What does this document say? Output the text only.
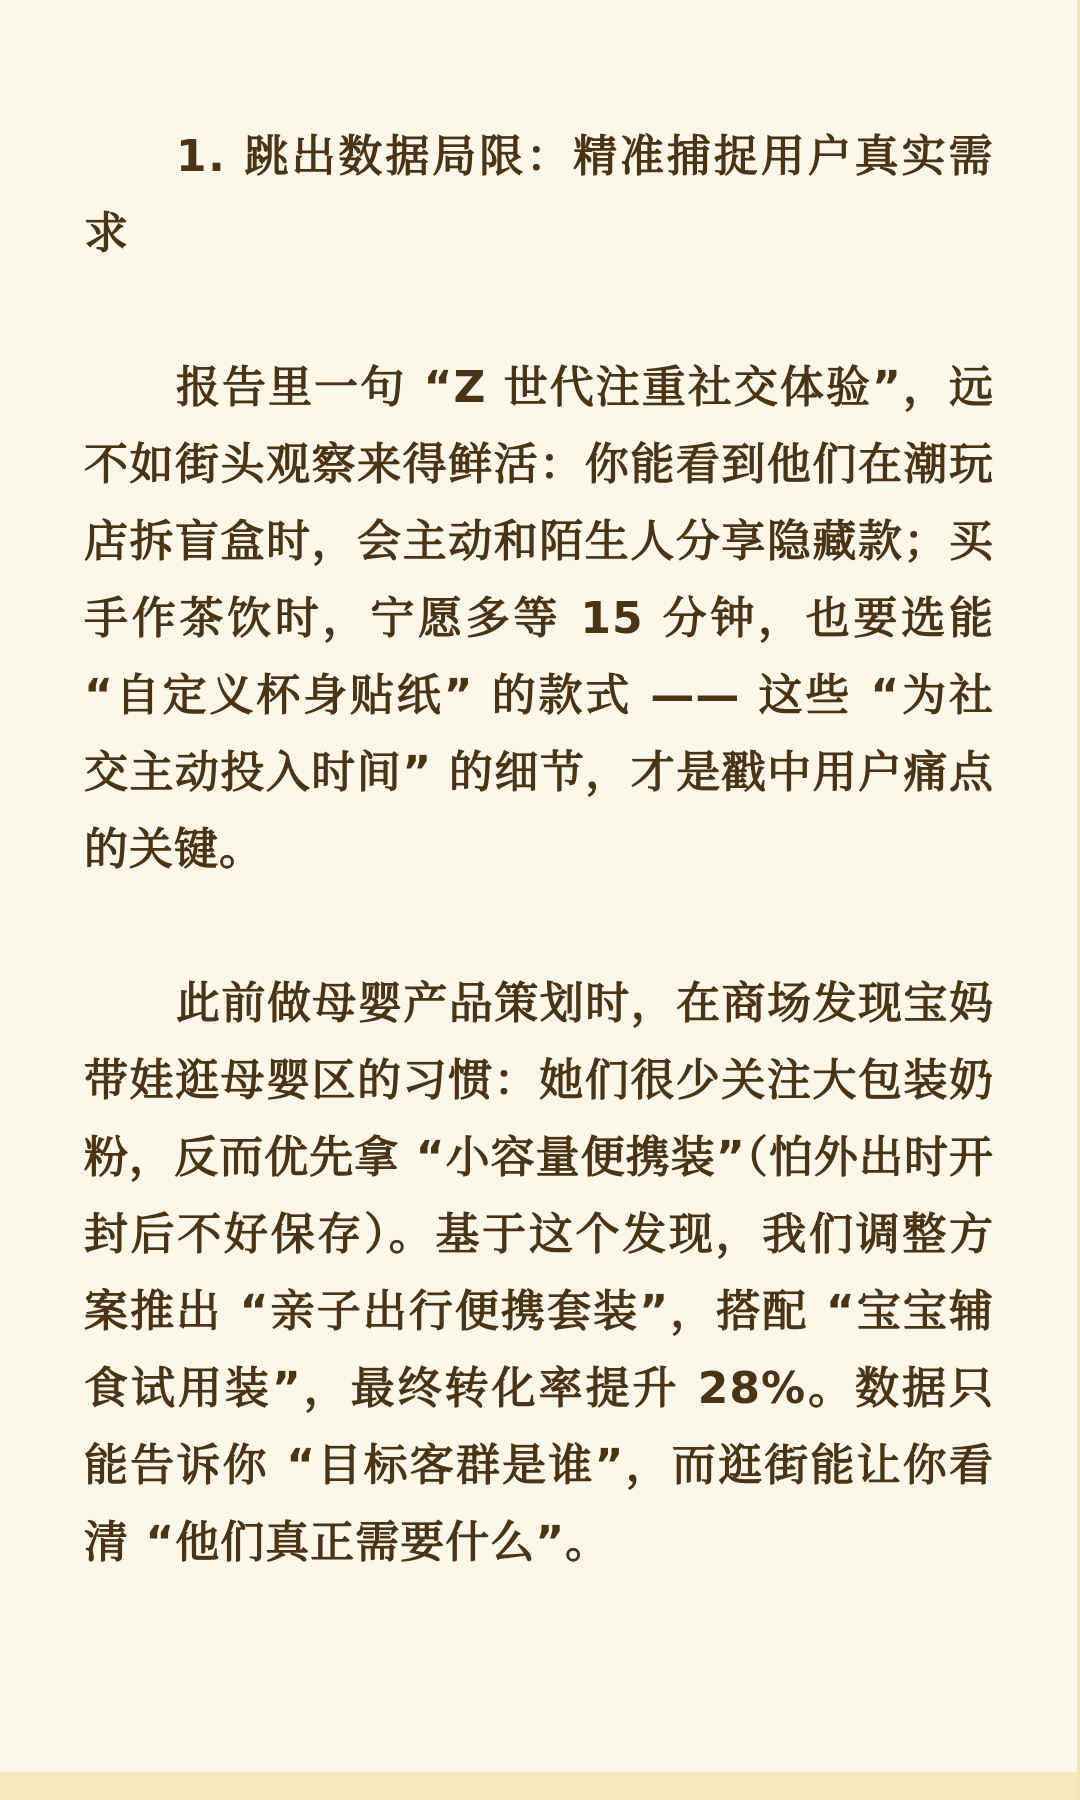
1. 跳出数据局限：精准捕捉用户真实需求

报告里一句 “Z 世代注重社交体验”，远不如街头观察来得鲜活：你能看到他们在潮玩店拆盲盒时，会主动和陌生人分享隐藏款；买手作茶饮时，宁愿多等 15 分钟，也要选能 “自定义杯身贴纸” 的款式 —— 这些 “为社交主动投入时间” 的细节，才是戳中用户痛点的关键。

此前做母婴产品策划时，在商场发现宝妈带娃逛母婴区的习惯：她们很少关注大包装奶粉，反而优先拿 “小容量便携装”（怕外出时开封后不好保存）。基于这个发现，我们调整方案推出 “亲子出行便携套装”，搭配 “宝宝辅食试用装”，最终转化率提升 28%。数据只能告诉你 “目标客群是谁”，而逛街能让你看清 “他们真正需要什么”。
